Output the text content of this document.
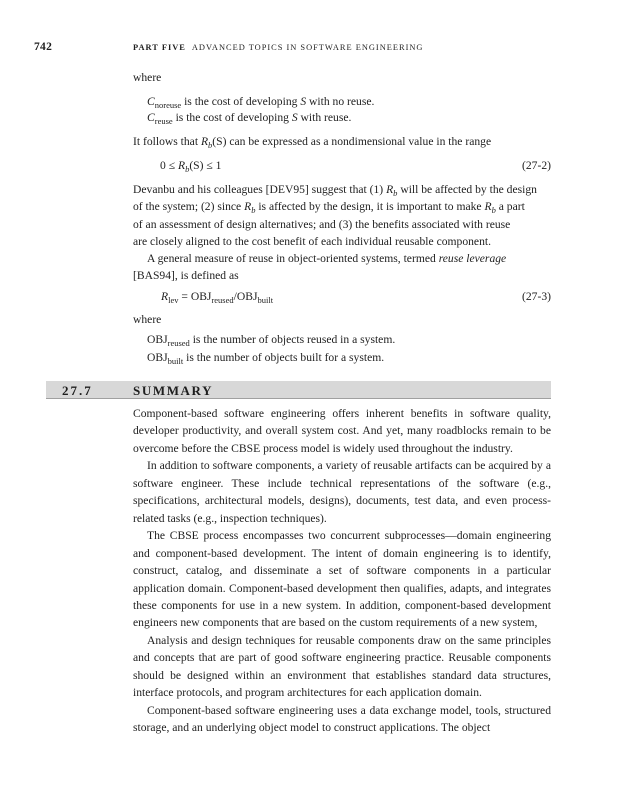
742	PART FIVE ADVANCED TOPICS IN SOFTWARE ENGINEERING
where
$C_{noreuse}$ is the cost of developing S with no reuse.
$C_{reuse}$ is the cost of developing S with reuse.
It follows that $R_b(S)$ can be expressed as a nondimensional value in the range
$0 \le R_b(S) \le 1$	(27-2)
Devanbu and his colleagues [DEV95] suggest that (1) $R_b$ will be affected by the design
of the system; (2) since $R_b$ is affected by the design, it is important to make $R_b$ a part
of an assessment of design alternatives; and (3) the benefits associated with reuse
are closely aligned to the cost benefit of each individual reusable component.
A general measure of reuse in object-oriented systems, termed reuse leverage
[BAS94], is defined as
$R_{lev} = OBJ_{reused}/OBJ_{built}$	(27-3)
where
$OBJ_{reused}$ is the number of objects reused in a system.
$OBJ_{built}$ is the number of objects built for a system.
27.7	SUMMARY

Component-based software engineering offers inherent benefits in software quality, developer productivity, and overall system cost. And yet, many roadblocks remain to be overcome before the CBSE process model is widely used throughout the industry.

In addition to software components, a variety of reusable artifacts can be acquired by a software engineer. These include technical representations of the software (e.g., specifications, architectural models, designs), documents, test data, and even process-related tasks (e.g., inspection techniques).

The CBSE process encompasses two concurrent subprocesses—domain engineering and component-based development. The intent of domain engineering is to identify, construct, catalog, and disseminate a set of software components in a particular application domain. Component-based development then qualifies, adapts, and integrates these components for use in a new system. In addition, component-based development engineers new components that are based on the custom requirements of a new system,

Analysis and design techniques for reusable components draw on the same principles and concepts that are part of good software engineering practice. Reusable components should be designed within an environment that establishes standard data structures, interface protocols, and program architectures for each application domain.

Component-based software engineering uses a data exchange model, tools, structured storage, and an underlying object model to construct applications. The object
